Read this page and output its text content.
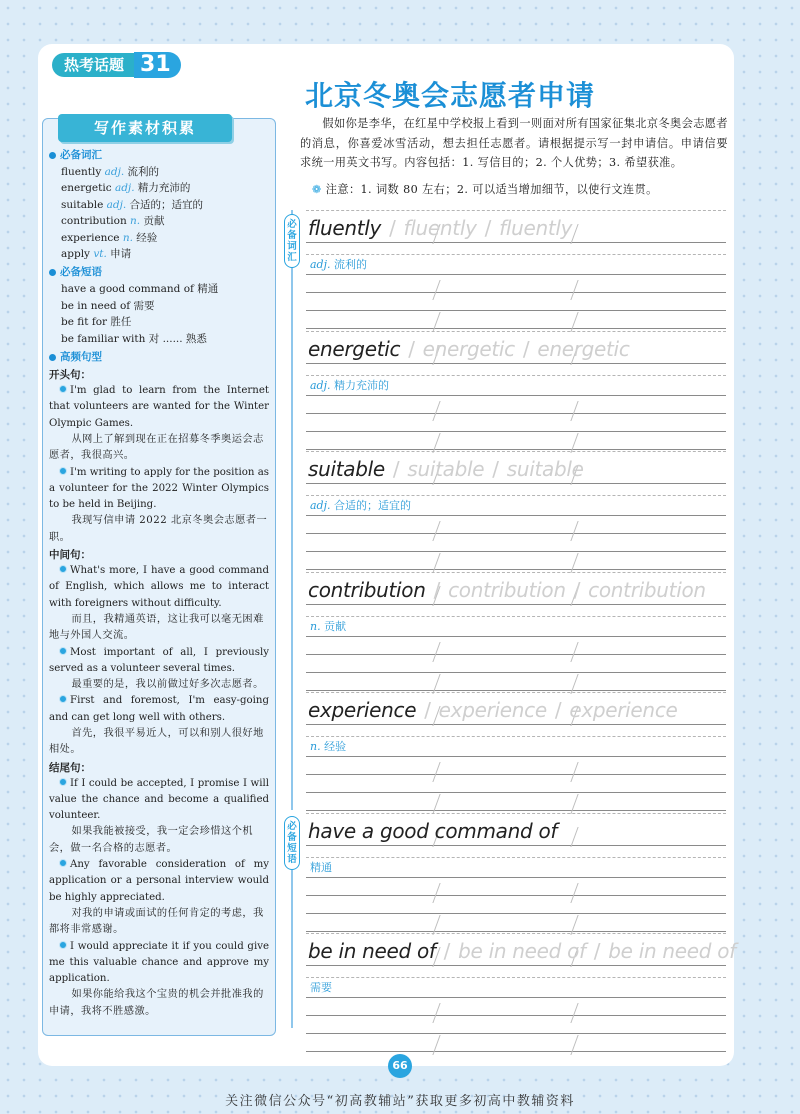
热考话题 31
北京冬奥会志愿者申请
必备词汇
fluently adj. 流利的
energetic adj. 精力充沛的
suitable adj. 合适的；适宜的
contribution n. 贡献
experience n. 经验
apply vt. 申请
必备短语
have a good command of 精通
be in need of 需要
be fit for 胜任
be familiar with 对 ...... 熟悉
高频句型
开头句：
I'm glad to learn from the Internet that volunteers are wanted for the Winter Olympic Games.
从网上了解到现在正在招募冬季奥运会志愿者，我很高兴。
I'm writing to apply for the position as a volunteer for the 2022 Winter Olympics to be held in Beijing.
我现写信申请 2022 北京冬奥会志愿者一职。
中间句：
What's more, I have a good command of English, which allows me to interact with foreigners without difficulty.
而且，我精通英语，这让我可以毫无困难地与外国人交流。
Most important of all, I previously served as a volunteer several times.
最重要的是，我以前做过好多次志愿者。
First and foremost, I'm easy-going and can get long well with others.
首先，我很平易近人，可以和别人很好地相处。
结尾句：
If I could be accepted, I promise I will value the chance and become a qualified volunteer.
如果我能被接受，我一定会珍惜这个机会，做一名合格的志愿者。
Any favorable consideration of my application or a personal interview would be highly appreciated.
对我的申请或面试的任何肯定的考虑，我都将非常感谢。
I would appreciate it if you could give me this valuable chance and approve my application.
如果你能给我这个宝贵的机会并批准我的申请，我将不胜感激。
写作素材积累	假如你是李华，在红星中学校报上看到一则面对所有国家征集北京冬奥会志愿者的消息，你喜爱冰雪活动，想去担任志愿者。请根据提示写一封申请信。申请信要求统一用英文书写。内容包括：1. 写信目的；2. 个人优势；3. 希望获准。
❁ 注意：1. 词数 80 左右；2. 可以适当增加细节，以使行文连贯。
必
备
词
汇
必
备
短
语
fluently / fluently / fluently
adj. 流利的
energetic / energetic / energetic
adj. 精力充沛的
suitable / suitable / suitable
adj. 合适的；适宜的
contribution / contribution / contribution
n. 贡献
experience / experience / experience
n. 经验
have a good command of
精通
be in need of / be in need of / be in need of
需要
66
关注微信公众号“初高教辅站”获取更多初高中教辅资料
